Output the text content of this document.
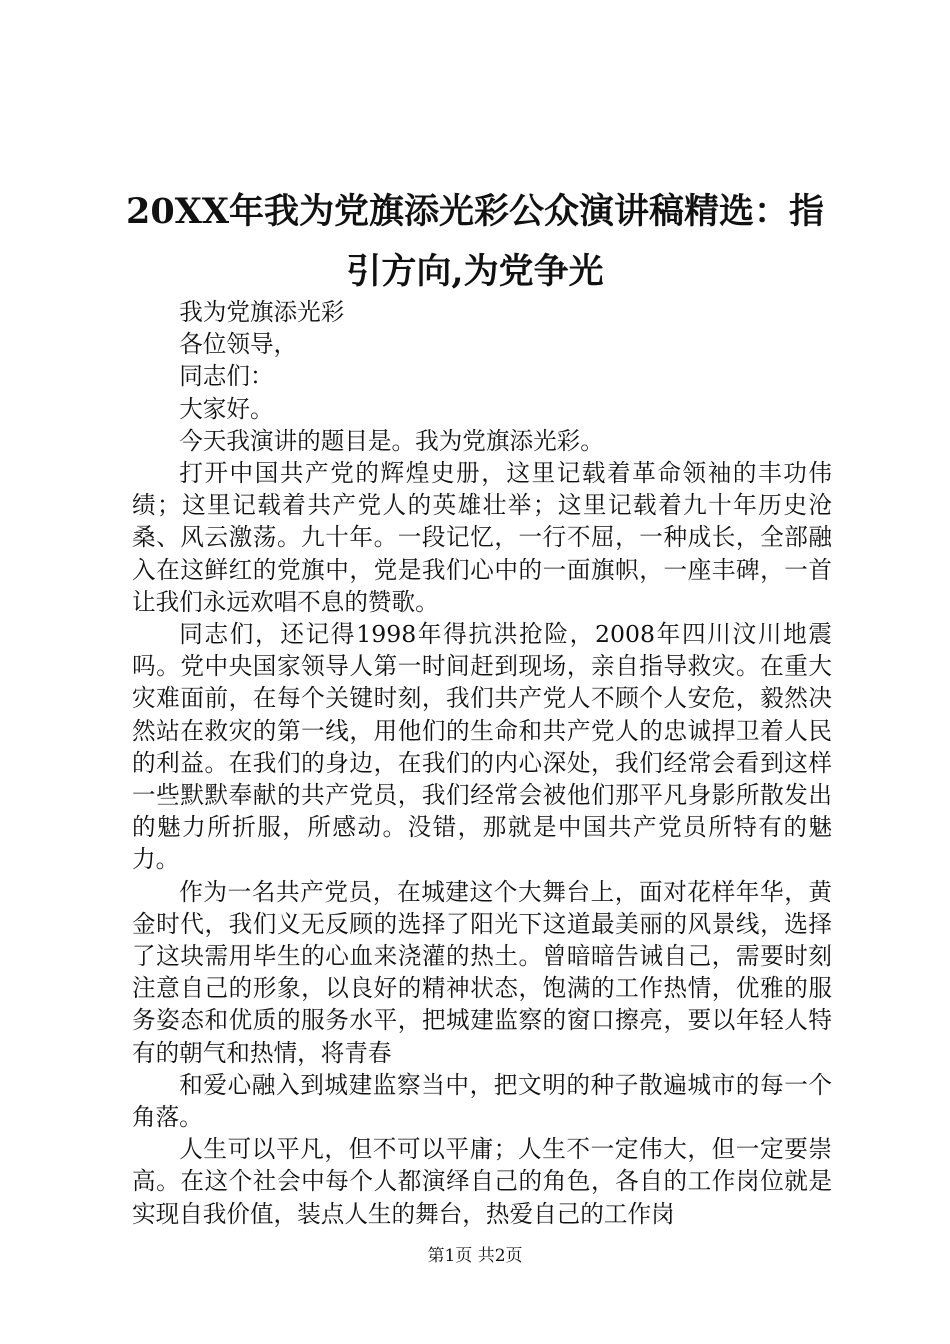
20XX年我为党旗添光彩公众演讲稿精选：指引方向,为党争光

我为党旗添光彩

各位领导，

同志们：

大家好。

今天我演讲的题目是。我为党旗添光彩。

打开中国共产党的辉煌史册，这里记载着革命领袖的丰功伟绩；这里记载着共产党人的英雄壮举；这里记载着九十年历史沧桑、风云激荡。九十年。一段记忆，一行不屈，一种成长，全部融入在这鲜红的党旗中，党是我们心中的一面旗帜，一座丰碑，一首让我们永远欢唱不息的赞歌。

同志们，还记得1998年得抗洪抢险，2008年四川汶川地震吗。党中央国家领导人第一时间赶到现场，亲自指导救灾。在重大灾难面前，在每个关键时刻，我们共产党人不顾个人安危，毅然决然站在救灾的第一线，用他们的生命和共产党人的忠诚捍卫着人民的利益。在我们的身边，在我们的内心深处，我们经常会看到这样一些默默奉献的共产党员，我们经常会被他们那平凡身影所散发出的魅力所折服，所感动。没错，那就是中国共产党员所特有的魅力。

作为一名共产党员，在城建这个大舞台上，面对花样年华，黄金时代，我们义无反顾的选择了阳光下这道最美丽的风景线，选择了这块需用毕生的心血来浇灌的热土。曾暗暗告诫自己，需要时刻注意自己的形象，以良好的精神状态，饱满的工作热情，优雅的服务姿态和优质的服务水平，把城建监察的窗口擦亮，要以年轻人特有的朝气和热情，将青春

和爱心融入到城建监察当中，把文明的种子散遍城市的每一个角落。

人生可以平凡，但不可以平庸；人生不一定伟大，但一定要崇高。在这个社会中每个人都演绎自己的角色，各自的工作岗位就是实现自我价值，装点人生的舞台，热爱自己的工作岗

第1页 共2页
